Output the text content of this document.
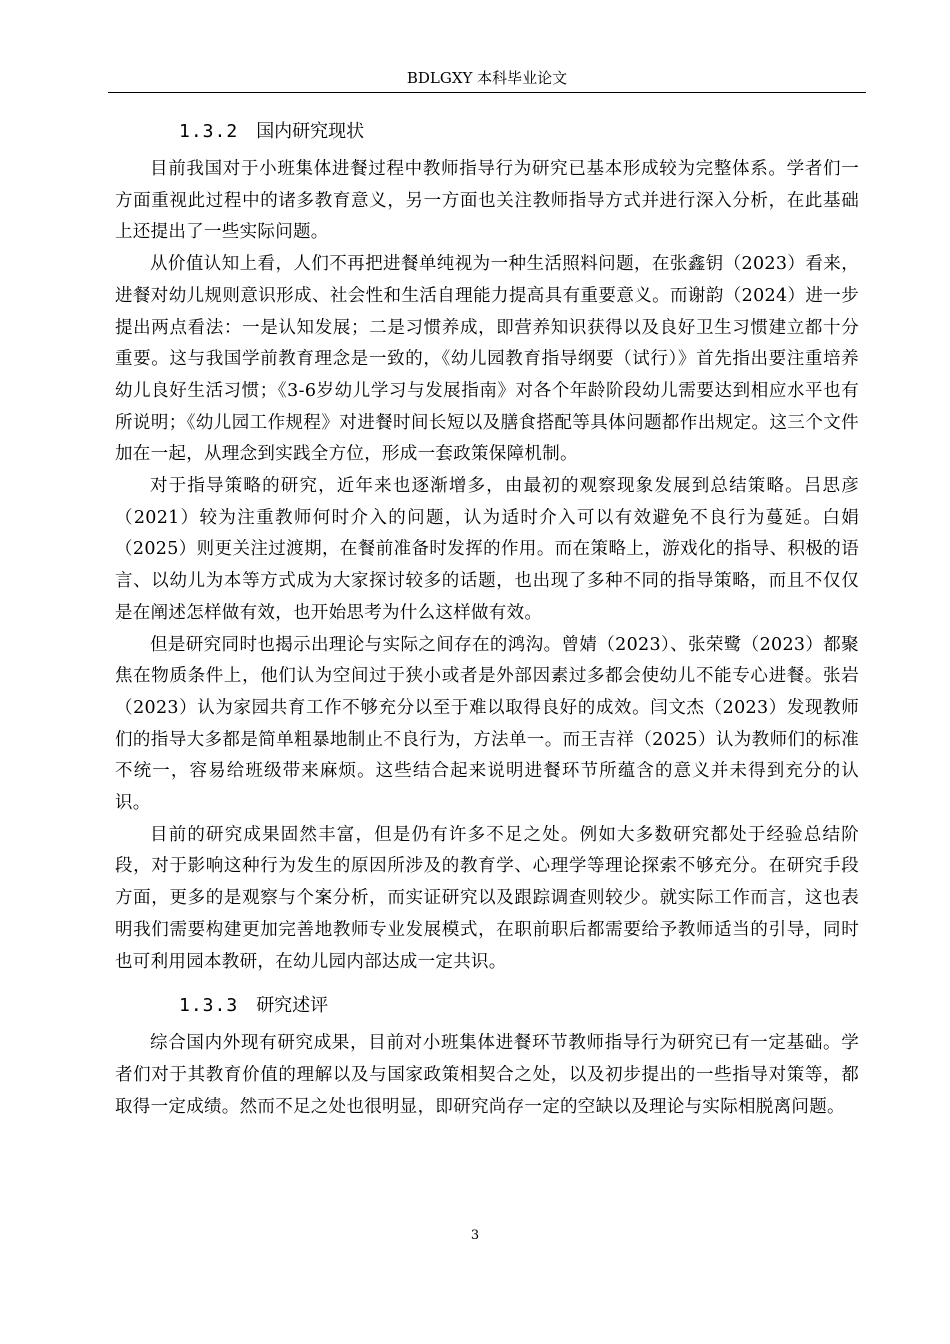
BDLGXY 本科毕业论文
1.3.2 国内研究现状

目前我国对于小班集体进餐过程中教师指导行为研究已基本形成较为完整体系。学者们一方面重视此过程中的诸多教育意义，另一方面也关注教师指导方式并进行深入分析，在此基础上还提出了一些实际问题。

从价值认知上看，人们不再把进餐单纯视为一种生活照料问题，在张鑫钥（2023）看来，进餐对幼儿规则意识形成、社会性和生活自理能力提高具有重要意义。而谢韵（2024）进一步提出两点看法：一是认知发展；二是习惯养成，即营养知识获得以及良好卫生习惯建立都十分重要。这与我国学前教育理念是一致的，《幼儿园教育指导纲要（试行）》首先指出要注重培养幼儿良好生活习惯；《3-6岁幼儿学习与发展指南》对各个年龄阶段幼儿需要达到相应水平也有所说明；《幼儿园工作规程》对进餐时间长短以及膳食搭配等具体问题都作出规定。这三个文件加在一起，从理念到实践全方位，形成一套政策保障机制。

对于指导策略的研究，近年来也逐渐增多，由最初的观察现象发展到总结策略。吕思彦（2021）较为注重教师何时介入的问题，认为适时介入可以有效避免不良行为蔓延。白娟（2025）则更关注过渡期，在餐前准备时发挥的作用。而在策略上，游戏化的指导、积极的语言、以幼儿为本等方式成为大家探讨较多的话题，也出现了多种不同的指导策略，而且不仅仅是在阐述怎样做有效，也开始思考为什么这样做有效。

但是研究同时也揭示出理论与实际之间存在的鸿沟。曾婧（2023）、张荣鹭（2023）都聚焦在物质条件上，他们认为空间过于狭小或者是外部因素过多都会使幼儿不能专心进餐。张岩（2023）认为家园共育工作不够充分以至于难以取得良好的成效。闫文杰（2023）发现教师们的指导大多都是简单粗暴地制止不良行为，方法单一。而王吉祥（2025）认为教师们的标准不统一，容易给班级带来麻烦。这些结合起来说明进餐环节所蕴含的意义并未得到充分的认识。

目前的研究成果固然丰富，但是仍有许多不足之处。例如大多数研究都处于经验总结阶段，对于影响这种行为发生的原因所涉及的教育学、心理学等理论探索不够充分。在研究手段方面，更多的是观察与个案分析，而实证研究以及跟踪调查则较少。就实际工作而言，这也表明我们需要构建更加完善地教师专业发展模式，在职前职后都需要给予教师适当的引导，同时也可利用园本教研，在幼儿园内部达成一定共识。

1.3.3 研究述评

综合国内外现有研究成果，目前对小班集体进餐环节教师指导行为研究已有一定基础。学者们对于其教育价值的理解以及与国家政策相契合之处，以及初步提出的一些指导对策等，都取得一定成绩。然而不足之处也很明显，即研究尚存一定的空缺以及理论与实际相脱离问题。

3
